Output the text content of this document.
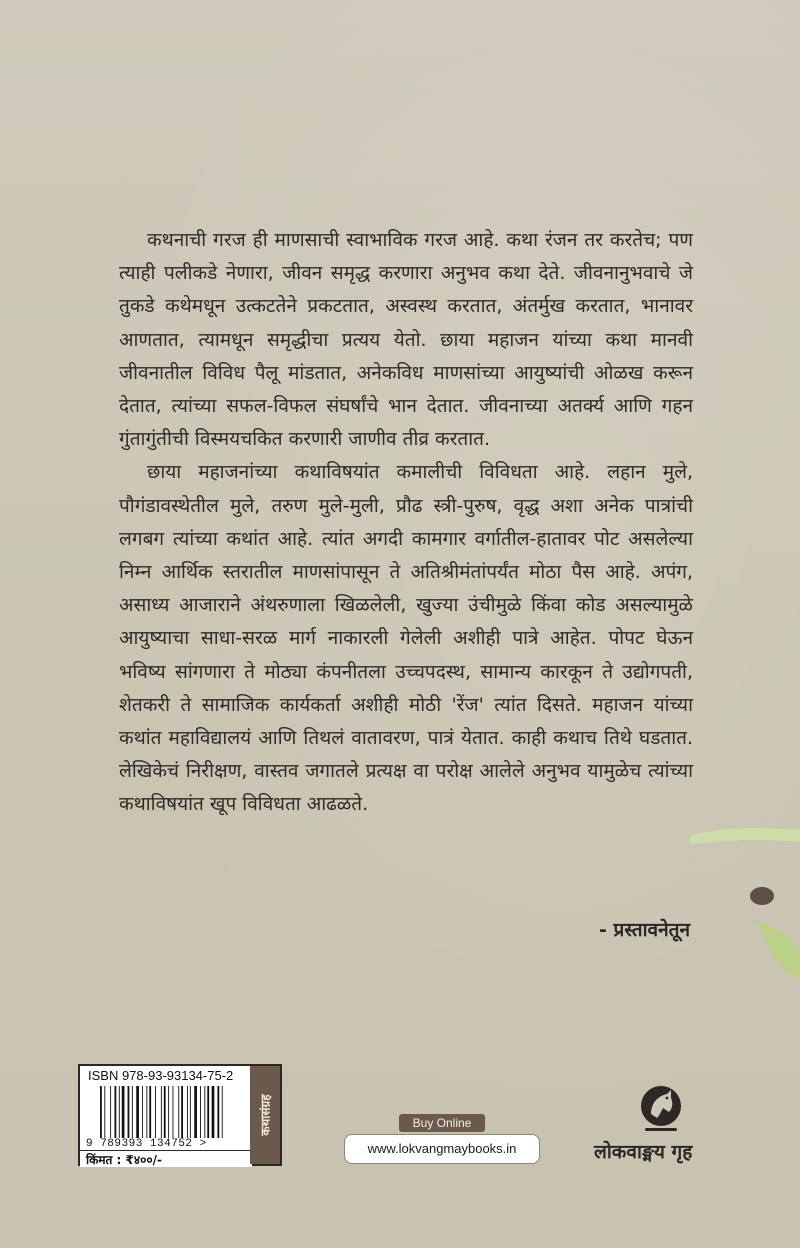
कथनाची गरज ही माणसाची स्वाभाविक गरज आहे. कथा रंजन तर करतेच; पण त्याही पलीकडे नेणारा, जीवन समृद्ध करणारा अनुभव कथा देते. जीवनानुभवाचे जे तुकडे कथेमधून उत्कटतेने प्रकटतात, अस्वस्थ करतात, अंतर्मुख करतात, भानावर आणतात, त्यामधून समृद्धीचा प्रत्यय येतो. छाया महाजन यांच्या कथा मानवी जीवनातील विविध पैलू मांडतात, अनेकविध माणसांच्या आयुष्यांची ओळख करून देतात, त्यांच्या सफल-विफल संघर्षांचे भान देतात. जीवनाच्या अतर्क्य आणि गहन गुंतागुंतीची विस्मयचकित करणारी जाणीव तीव्र करतात.

छाया महाजनांच्या कथाविषयांत कमालीची विविधता आहे. लहान मुले, पौगंडावस्थेतील मुले, तरुण मुले-मुली, प्रौढ स्त्री-पुरुष, वृद्ध अशा अनेक पात्रांची लगबग त्यांच्या कथांत आहे. त्यांत अगदी कामगार वर्गातील-हातावर पोट असलेल्या निम्न आर्थिक स्तरातील माणसांपासून ते अतिश्रीमंतांपर्यंत मोठा पैस आहे. अपंग, असाध्य आजाराने अंथरुणाला खिळलेली, खुज्या उंचीमुळे किंवा कोड असल्यामुळे आयुष्याचा साधा-सरळ मार्ग नाकारली गेलेली अशीही पात्रे आहेत. पोपट घेऊन भविष्य सांगणारा ते मोठ्या कंपनीतला उच्चपदस्थ, सामान्य कारकून ते उद्योगपती, शेतकरी ते सामाजिक कार्यकर्ता अशीही मोठी 'रेंज' त्यांत दिसते. महाजन यांच्या कथांत महाविद्यालयं आणि तिथलं वातावरण, पात्रं येतात. काही कथाच तिथे घडतात. लेखिकेचं निरीक्षण, वास्तव जगातले प्रत्यक्ष वा परोक्ष आलेले अनुभव यामुळेच त्यांच्या कथाविषयांत खूप विविधता आढळते.

- प्रस्तावनेतून
ISBN 978-93-93134-75-2
9 789393 134752 >
किंमत : ₹४००/-
कथासंग्रह	Buy Online
www.lokvangmaybooks.in	लोकवाङ्मय गृह
